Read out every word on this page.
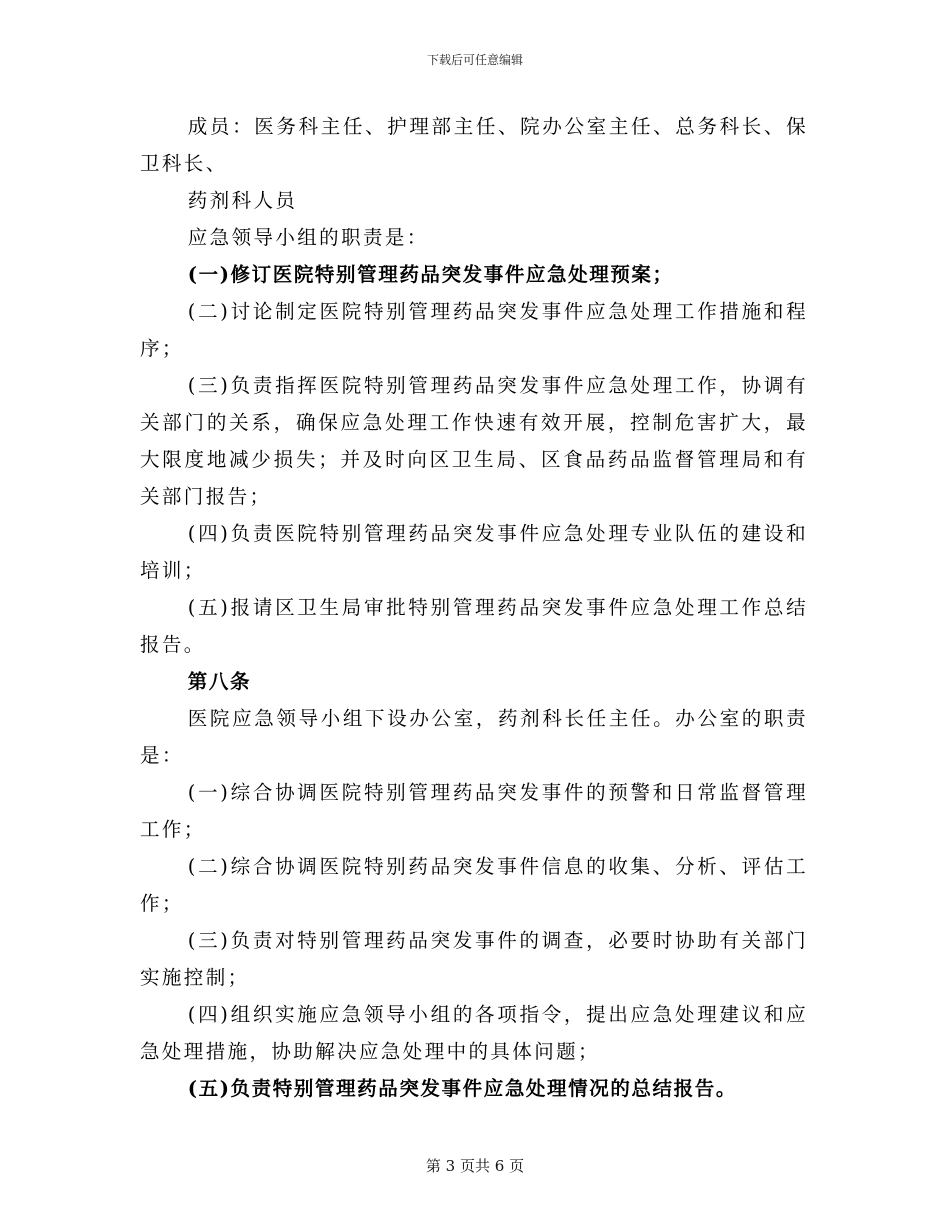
下载后可任意编辑

成员：医务科主任、护理部主任、院办公室主任、总务科长、保卫科长、

药剂科人员

应急领导小组的职责是：

(一)修订医院特别管理药品突发事件应急处理预案；

(二)讨论制定医院特别管理药品突发事件应急处理工作措施和程序；

(三)负责指挥医院特别管理药品突发事件应急处理工作，协调有关部门的关系，确保应急处理工作快速有效开展，控制危害扩大，最大限度地减少损失；并及时向区卫生局、区食品药品监督管理局和有关部门报告；

(四)负责医院特别管理药品突发事件应急处理专业队伍的建设和培训；

(五)报请区卫生局审批特别管理药品突发事件应急处理工作总结报告。

第八条

医院应急领导小组下设办公室，药剂科长任主任。办公室的职责是：

(一)综合协调医院特别管理药品突发事件的预警和日常监督管理工作；

(二)综合协调医院特别药品突发事件信息的收集、分析、评估工作；

(三)负责对特别管理药品突发事件的调查，必要时协助有关部门实施控制；

(四)组织实施应急领导小组的各项指令，提出应急处理建议和应急处理措施，协助解决应急处理中的具体问题；

(五)负责特别管理药品突发事件应急处理情况的总结报告。

第 3 页共 6 页
